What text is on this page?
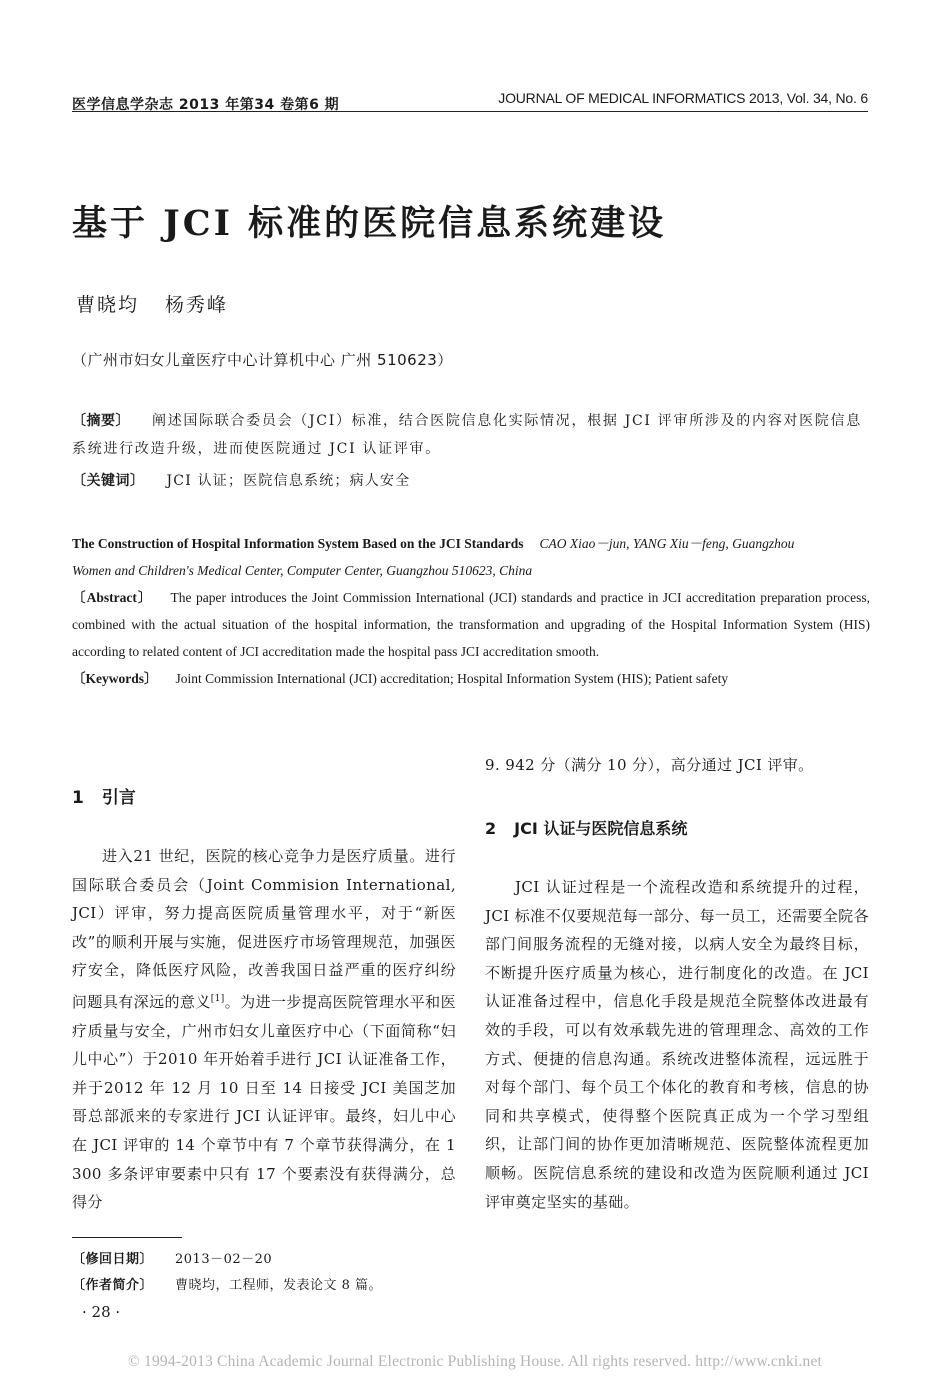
医学信息学杂志 2013 年第34 卷第6 期	JOURNAL OF MEDICAL INFORMATICS 2013, Vol. 34, No. 6
基于 JCI 标准的医院信息系统建设
曹晓均 杨秀峰
（广州市妇女儿童医疗中心计算机中心 广州 510623）
〔摘要〕 阐述国际联合委员会（JCI）标准，结合医院信息化实际情况，根据 JCI 评审所涉及的内容对医院信息系统进行改造升级，进而使医院通过 JCI 认证评审。
〔关键词〕 JCI 认证；医院信息系统；病人安全

The Construction of Hospital Information System Based on the JCI Standards CAO Xiao－jun, YANG Xiu－feng, Guangzhou

Women and Children's Medical Center, Computer Center, Guangzhou 510623, China

〔Abstract〕 The paper introduces the Joint Commission International (JCI) standards and practice in JCI accreditation preparation process, combined with the actual situation of the hospital information, the transformation and upgrading of the Hospital Information System (HIS) according to related content of JCI accreditation made the hospital pass JCI accreditation smooth.

〔Keywords〕 Joint Commission International (JCI) accreditation; Hospital Information System (HIS); Patient safety

1 引言

进入21 世纪，医院的核心竞争力是医疗质量。进行国际联合委员会（Joint Commision International, JCI）评审，努力提高医院质量管理水平，对于“新医改”的顺利开展与实施，促进医疗市场管理规范，加强医疗安全，降低医疗风险，改善我国日益严重的医疗纠纷问题具有深远的意义[1]。为进一步提高医院管理水平和医疗质量与安全，广州市妇女儿童医疗中心（下面简称“妇儿中心”）于2010 年开始着手进行 JCI 认证准备工作，并于2012 年 12 月 10 日至 14 日接受 JCI 美国芝加哥总部派来的专家进行 JCI 认证评审。最终，妇儿中心在 JCI 评审的 14 个章节中有 7 个章节获得满分，在 1 300 多条评审要素中只有 17 个要素没有获得满分，总得分

9. 942 分（满分 10 分），高分通过 JCI 评审。
2 JCI 认证与医院信息系统

JCI 认证过程是一个流程改造和系统提升的过程，JCI 标准不仅要规范每一部分、每一员工，还需要全院各部门间服务流程的无缝对接，以病人安全为最终目标，不断提升医疗质量为核心，进行制度化的改造。在 JCI 认证准备过程中，信息化手段是规范全院整体改进最有效的手段，可以有效承载先进的管理理念、高效的工作方式、便捷的信息沟通。系统改进整体流程，远远胜于对每个部门、每个员工个体化的教育和考核，信息的协同和共享模式，使得整个医院真正成为一个学习型组织，让部门间的协作更加清晰规范、医院整体流程更加顺畅。医院信息系统的建设和改造为医院顺利通过 JCI 评审奠定坚实的基础。

〔修回日期〕 2013－02－20
〔作者简介〕 曹晓均，工程师，发表论文 8 篇。
· 28 ·
© 1994-2013 China Academic Journal Electronic Publishing House. All rights reserved. http://www.cnki.net
